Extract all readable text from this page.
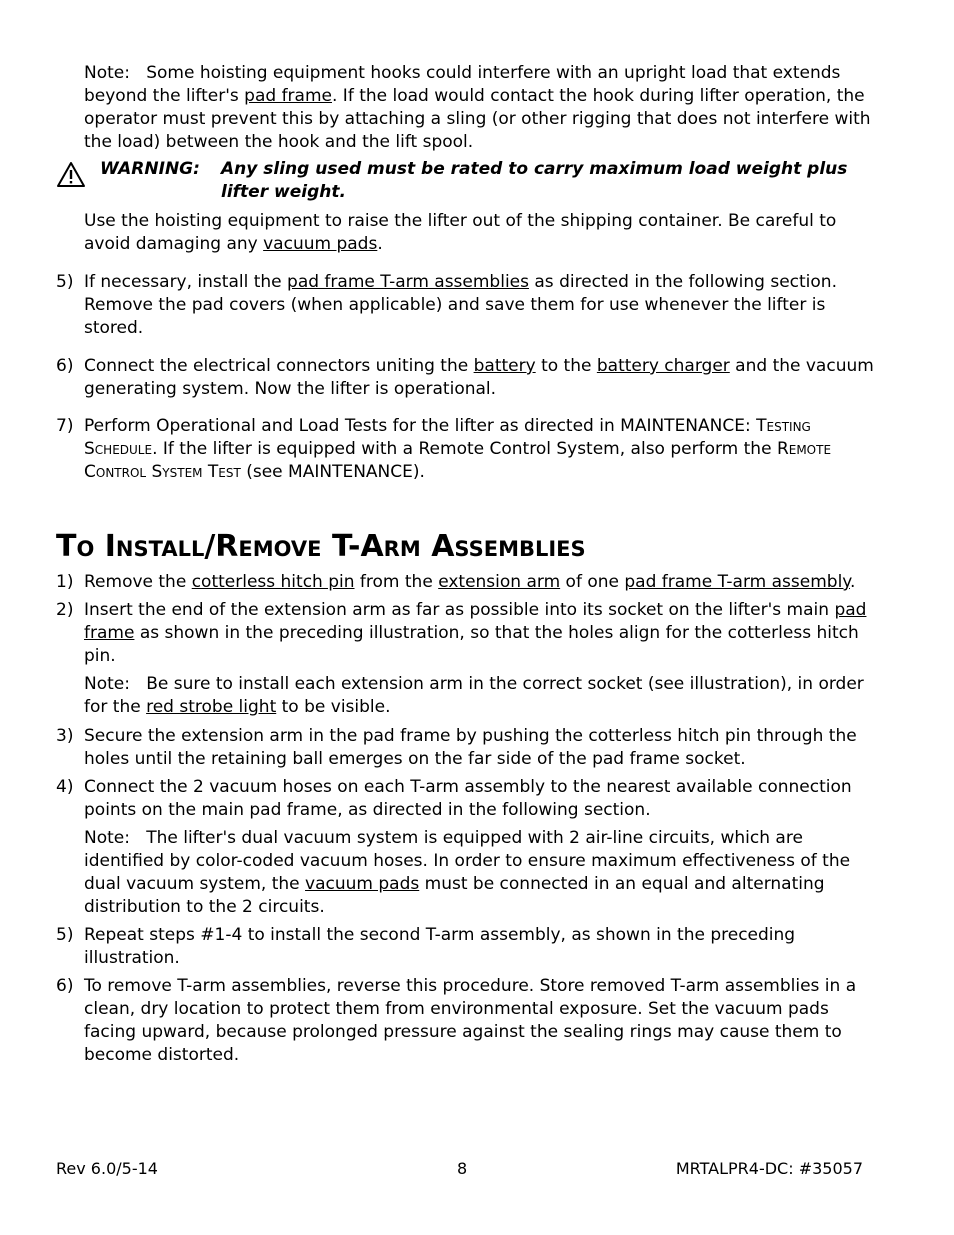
Note: Some hoisting equipment hooks could interfere with an upright load that extends beyond the lifter's pad frame. If the load would contact the hook during lifter operation, the operator must prevent this by attaching a sling (or other rigging that does not interfere with the load) between the hook and the lift spool.

WARNING: Any sling used must be rated to carry maximum load weight plus lifter weight.

Use the hoisting equipment to raise the lifter out of the shipping container. Be careful to avoid damaging any vacuum pads.

5) If necessary, install the pad frame T-arm assemblies as directed in the following section. Remove the pad covers (when applicable) and save them for use whenever the lifter is stored.
6) Connect the electrical connectors uniting the battery to the battery charger and the vacuum generating system. Now the lifter is operational.
7) Perform Operational and Load Tests for the lifter as directed in MAINTENANCE: Testing Schedule. If the lifter is equipped with a Remote Control System, also perform the Remote Control System Test (see MAINTENANCE).
To Install/Remove T-Arm Assemblies
1) Remove the cotterless hitch pin from the extension arm of one pad frame T-arm assembly.
2) Insert the end of the extension arm as far as possible into its socket on the lifter's main pad frame as shown in the preceding illustration, so that the holes align for the cotterless hitch pin.

Note: Be sure to install each extension arm in the correct socket (see illustration), in order for the red strobe light to be visible.

3) Secure the extension arm in the pad frame by pushing the cotterless hitch pin through the holes until the retaining ball emerges on the far side of the pad frame socket.
4) Connect the 2 vacuum hoses on each T-arm assembly to the nearest available connection points on the main pad frame, as directed in the following section.

Note: The lifter's dual vacuum system is equipped with 2 air-line circuits, which are identified by color-coded vacuum hoses. In order to ensure maximum effectiveness of the dual vacuum system, the vacuum pads must be connected in an equal and alternating distribution to the 2 circuits.

5) Repeat steps #1-4 to install the second T-arm assembly, as shown in the preceding illustration.
6) To remove T-arm assemblies, reverse this procedure. Store removed T-arm assemblies in a clean, dry location to protect them from environmental exposure. Set the vacuum pads facing upward, because prolonged pressure against the sealing rings may cause them to become distorted.
Rev 6.0/5-14	8	MRTALPR4-DC: #35057
